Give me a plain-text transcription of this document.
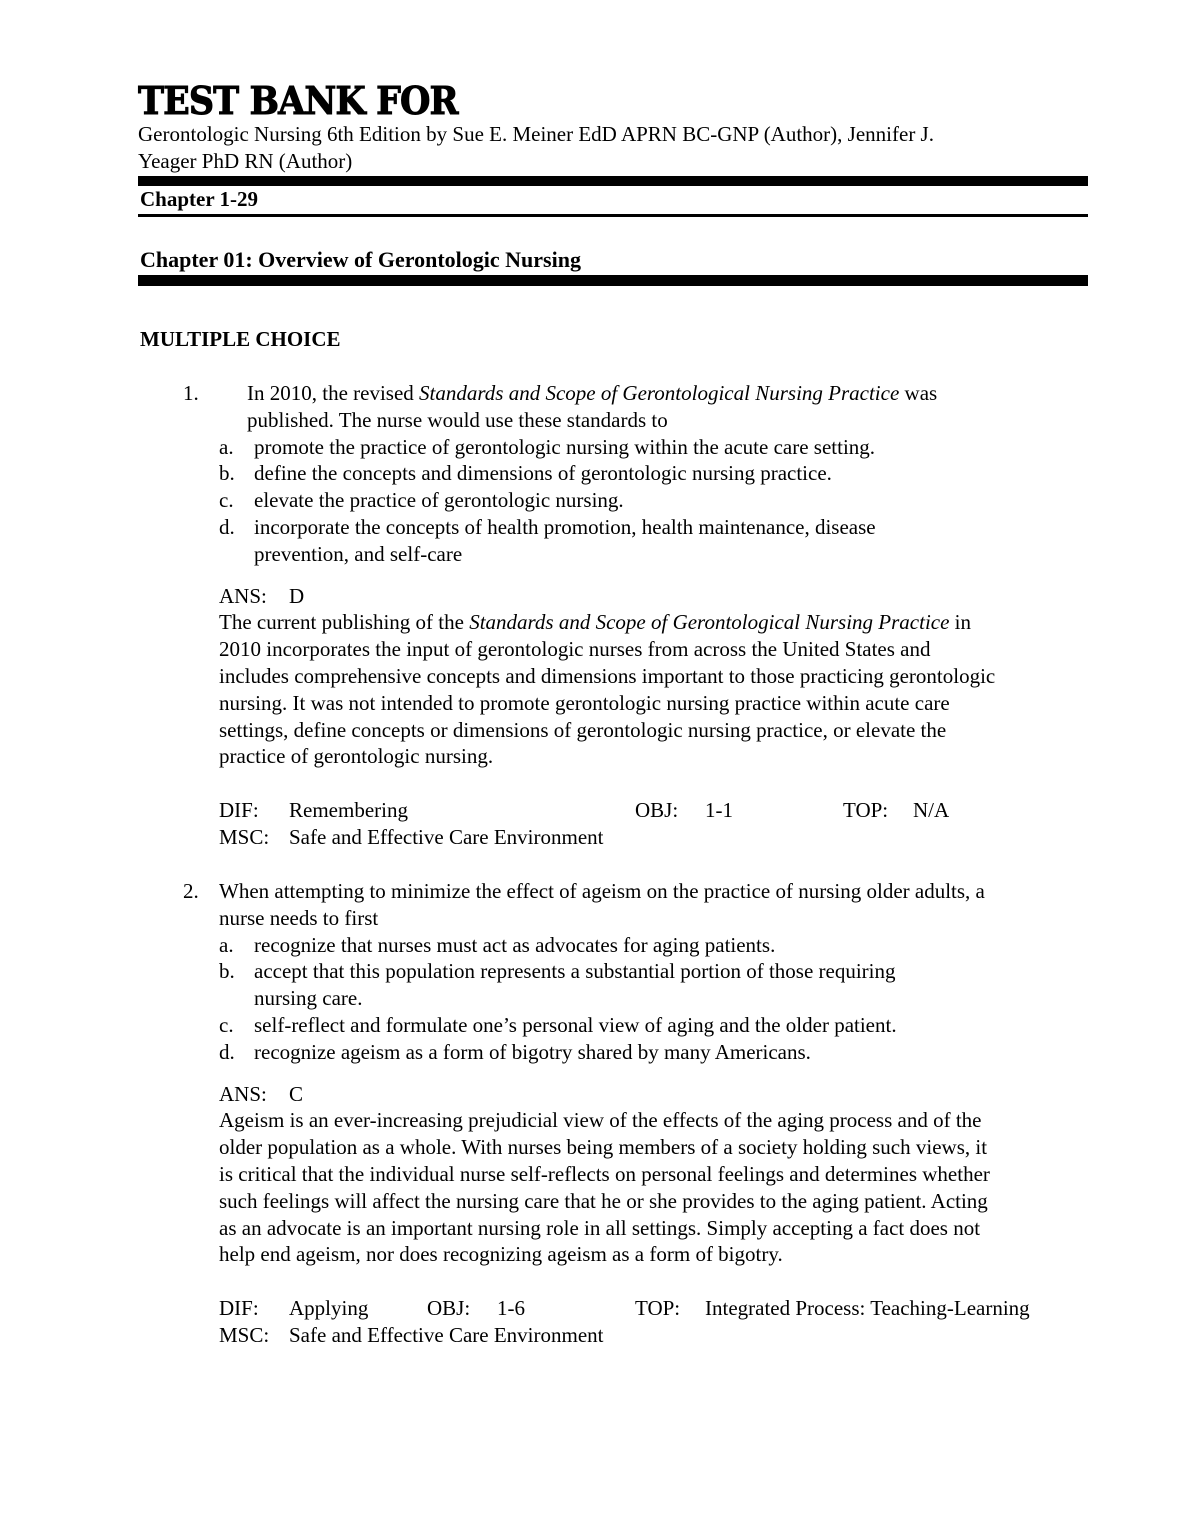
TEST BANK FOR
Gerontologic Nursing 6th Edition by Sue E. Meiner EdD APRN BC-GNP (Author), Jennifer J.
Yeager PhD RN (Author)
Chapter 1-29
Chapter 01: Overview of Gerontologic Nursing
MULTIPLE CHOICE
1. In 2010, the revised Standards and Scope of Gerontological Nursing Practice was
published. The nurse would use these standards to
a. promote the practice of gerontologic nursing within the acute care setting.
b. define the concepts and dimensions of gerontologic nursing practice.
c. elevate the practice of gerontologic nursing.
d. incorporate the concepts of health promotion, health maintenance, disease
prevention, and self-care
ANS: D
The current publishing of the Standards and Scope of Gerontological Nursing Practice in
2010 incorporates the input of gerontologic nurses from across the United States and
includes comprehensive concepts and dimensions important to those practicing gerontologic
nursing. It was not intended to promote gerontologic nursing practice within acute care
settings, define concepts or dimensions of gerontologic nursing practice, or elevate the
practice of gerontologic nursing.
DIF: Remembering	OBJ: 1-1	TOP: N/A
MSC: Safe and Effective Care Environment
2. When attempting to minimize the effect of ageism on the practice of nursing older adults, a
nurse needs to first
a. recognize that nurses must act as advocates for aging patients.
b. accept that this population represents a substantial portion of those requiring
nursing care.
c. self-reflect and formulate one’s personal view of aging and the older patient.
d. recognize ageism as a form of bigotry shared by many Americans.
ANS: C
Ageism is an ever-increasing prejudicial view of the effects of the aging process and of the
older population as a whole. With nurses being members of a society holding such views, it
is critical that the individual nurse self-reflects on personal feelings and determines whether
such feelings will affect the nursing care that he or she provides to the aging patient. Acting
as an advocate is an important nursing role in all settings. Simply accepting a fact does not
help end ageism, nor does recognizing ageism as a form of bigotry.
DIF: Applying	OBJ: 1-6	TOP: Integrated Process: Teaching-Learning
MSC: Safe and Effective Care Environment
